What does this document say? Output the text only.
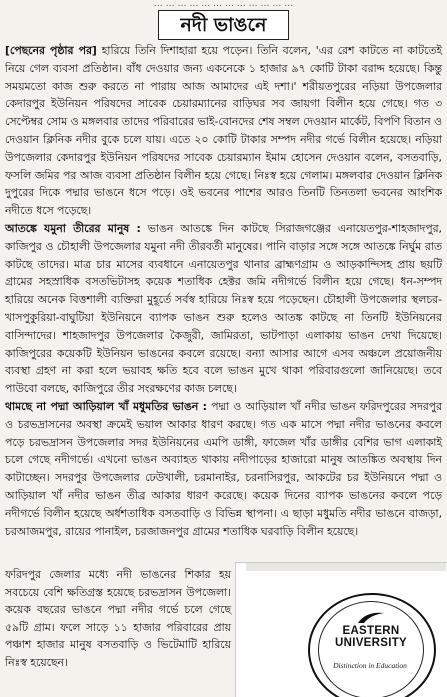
… … … … … … … … … … … …
নদী ভাঙনে

[পেছনের পৃষ্ঠার পর] হারিয়ে তিনি দিশাহারা হয়ে পড়েন। তিনি বলেন, 'এর রেশ কাটতে না কাটতেই নিয়ে গেল ব্যবসা প্রতিষ্ঠান। বাঁধ দেওয়ার জন্য একনেকে ১ হাজার ৯৭ কোটি টাকা বরাদ্দ হয়েছে। কিন্তু সময়মতো কাজ শুরু করতে না পারায় আজ আমাদের এই দশা।' শরীয়তপুরের নড়িয়া উপজেলার কেদারপুর ইউনিয়ন পরিষদের সাবেক চেয়ারম্যানের বাড়িঘর সব জায়গা বিলীন হয়ে গেছে। গত ৩ সেপ্টেম্বর সোম ও মঙ্গলবার তাদের পরিবারের ভাই-বোনদের শেষ সম্বল দেওয়ান মার্কেট, বিপণি বিতান ও দেওয়ান ক্লিনিক নদীর বুকে চলে যায়। এতে ২০ কোটি টাকার সম্পদ নদীর গর্ভে বিলীন হয়েছে। নড়িয়া উপজেলার কেদারপুর ইউনিয়ন পরিষদের সাবেক চেয়ারম্যান ইমাম হোসেন দেওয়ান বলেন, বসতবাড়ি, ফসলি জমির পর আজ ব্যবসা প্রতিষ্ঠান বিলীন হয়ে গেছে। নিঃস্ব হয়ে গেলাম। মঙ্গলবার দেওয়ান ক্লিনিক দুপুরের দিকে পদ্মার ভাঙনে ধসে পড়ে। ওই ভবনের পাশের আরও তিনটি তিনতলা ভবনের আংশিক নদীতে ধসে পড়েছে।

আতঙ্কে যমুনা তীরের মানুষ : ভাঙন আতঙ্কে দিন কাটছে সিরাজগঞ্জের এনায়েতপুর-শাহজাদপুর, কাজিপুর ও চৌহালী উপজেলার যমুনা নদী তীরবর্তী মানুষের। পানি বাড়ার সঙ্গে সঙ্গে আতঙ্কে নির্ঘুম রাত কাটছে তাদের। মাত্র চার মাসের ব্যবধানে এনায়েতপুর থানার ব্রাহ্মণগ্রাম ও আড়কান্দিসহ প্রায় ছয়টি গ্রামের সহস্রাধিক বসতভিটাসহ কয়েক শতাধিক হেক্টর জমি নদীগর্ভে বিলীন হয়ে গেছে। ধন-সম্পদ হারিয়ে অনেক বিত্তশালী ব্যক্তিরা মুহূর্তে সর্বস্ব হারিয়ে নিঃস্ব হয়ে পড়েছেন। চৌহালী উপজেলার স্থলচর-খাসপুকুরিয়া-বাঘুটিয়া ইউনিয়নে ব্যাপক ভাঙন শুরু হলেও আতঙ্ক কাটছে না তিনটি ইউনিয়নের বাসিন্দাদের। শাহজাদপুর উপজেলার কৈজুরী, জামিরতা, ভাটপাড়া এলাকায় ভাঙন দেখা দিয়েছে। কাজিপুরের কয়েকটি ইউনিয়ন ভাঙনের কবলে রয়েছে। বন্যা আসার আগে এসব অঞ্চলে প্রয়োজনীয় ব্যবস্থা গ্রহণ না করা হলে ভয়াবহ ক্ষতি হবে বলে ভাঙন মুখে থাকা পরিবারগুলো জানিয়েছে। তবে পাউবো বলছে, কাজিপুরে তীর সংরক্ষণের কাজ চলছে।

থামছে না পদ্মা আড়িয়াল খাঁ মধুমতির ভাঙন : পদ্মা ও আড়িয়াল খাঁ নদীর ভাঙন ফরিদপুরের সদরপুর ও চরভদ্রাসনের অবস্থা ক্রমেই ভয়াল আকার ধারণ করছে। গত এক মাসে পদ্মা নদীর ভাঙনের কবলে পড়ে চরভদ্রাসন উপজেলার সদর ইউনিয়নের এমপি ডাঙ্গী, ফাজেল খাঁর ডাঙ্গীর বেশির ভাগ এলাকাই চলে গেছে নদীগর্ভে। এখনো ভাঙন অব্যাহত থাকায় নদীপাড়ের হাজারো মানুষ আতঙ্কিত অবস্থায় দিন কাটাচ্ছেন। সদরপুর উপজেলার ঢেউখালী, চরমানাইর, চরনাসিরপুর, আকটের চর ইউনিয়নে পদ্মা ও আড়িয়াল খাঁ নদীর ভাঙন তীব্র আকার ধারণ করেছে। কয়েক দিনের ব্যাপক ভাঙনের কবলে পড়ে নদীগর্ভে বিলীন হয়েছে অর্ধশতাধিক বসতবাড়ি ও বিভিন্ন স্থাপনা। এ ছাড়া মধুমতি নদীর ভাঙনে বাজড়া, চরআজমপুর, রায়ের পানাইল, চরজাজনপুর গ্রামের শতাধিক ঘরবাড়ি বিলীন হয়েছে।

ফরিদপুর জেলার মধ্যে নদী ভাঙনের শিকার হয় সবচেয়ে বেশি ক্ষতিগ্রস্ত হয়েছে চরভদ্রাসন উপজেলা। কয়েক বছরের ভাঙনে পদ্মা নদীর গর্ভে চলে গেছে ৫৯টি গ্রাম। ফলে সাড়ে ১১ হাজার পরিবারের প্রায় পঞ্চাশ হাজার মানুষ বসতবাড়ি ও ভিটেমাটি হারিয়ে নিঃস্ব হয়েছেন।
EASTERN
UNIVERSITY
Distinction in Education
